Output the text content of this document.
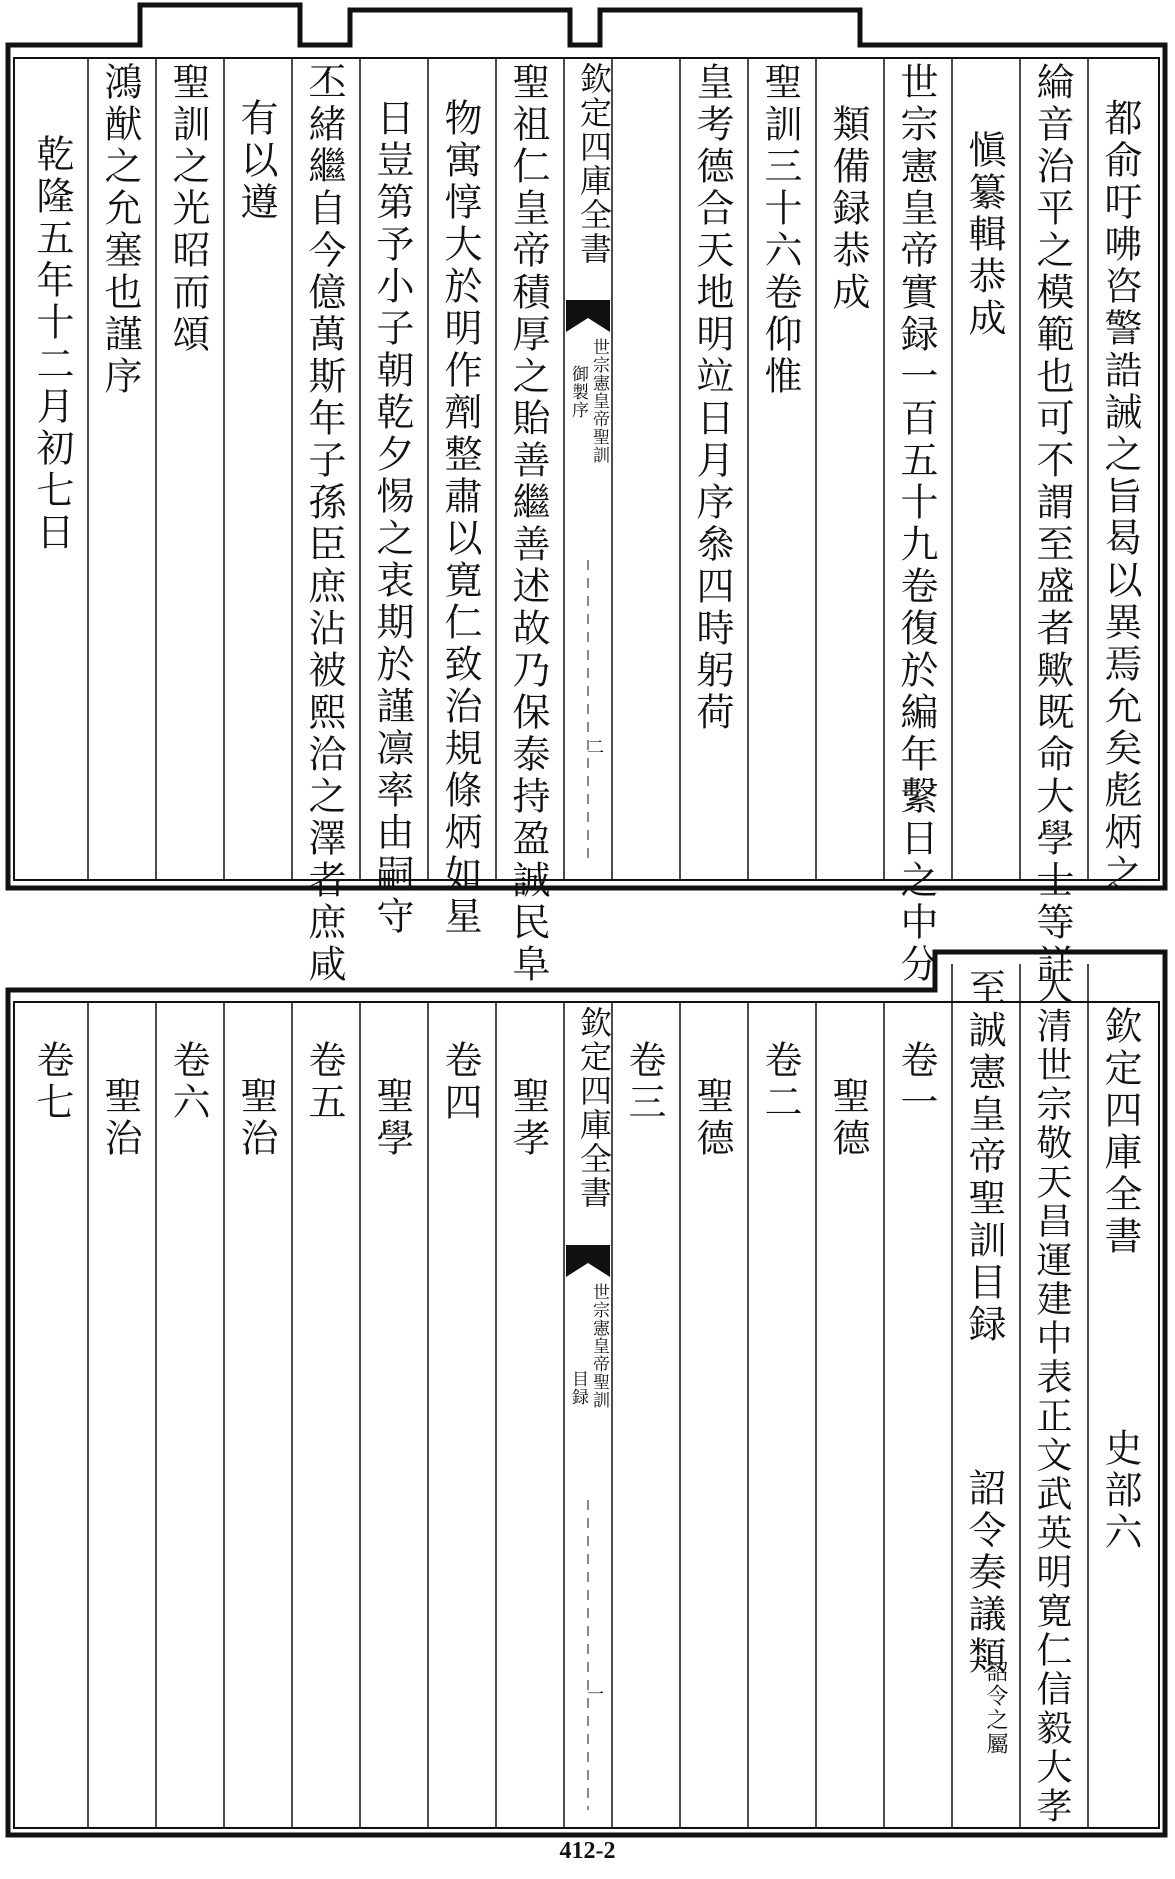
都俞吁咈咨警誥誡之旨曷以異焉允矣彪炳之
綸音治平之模範也可不謂至盛者歟既命大學士等詳
愼纂輯恭成
世宗憲皇帝實録一百五十九卷復於編年繫日之中分
類備録恭成
聖訓三十六卷仰惟
皇考德合天地明竝日月序叅四時躬荷
欽定四庫全書
世宗憲皇帝聖訓
御製序
二
聖祖仁皇帝積厚之貽善繼善述故乃保泰持盈誠民阜
物寓惇大於明作劑整肅以寛仁致治規條炳如星
日豈第予小子朝乾夕惕之衷期於謹凛率由嗣守
丕緒繼自今億萬斯年子孫臣庶沾被熙洽之澤者庶咸
有以遵
聖訓之光昭而頌
鴻猷之允塞也謹序
乾隆五年十二月初七日
欽定四庫全書
史部六
大清世宗敬天昌運建中表正文武英明寛仁信毅大孝
至誠憲皇帝聖訓目録
詔令奏議類
詔令之屬
卷一
聖德
卷二
聖德
卷三
欽定四庫全書
世宗憲皇帝聖訓
目録
一
聖孝
卷四
聖學
卷五
聖治
卷六
聖治
卷七
412-2
